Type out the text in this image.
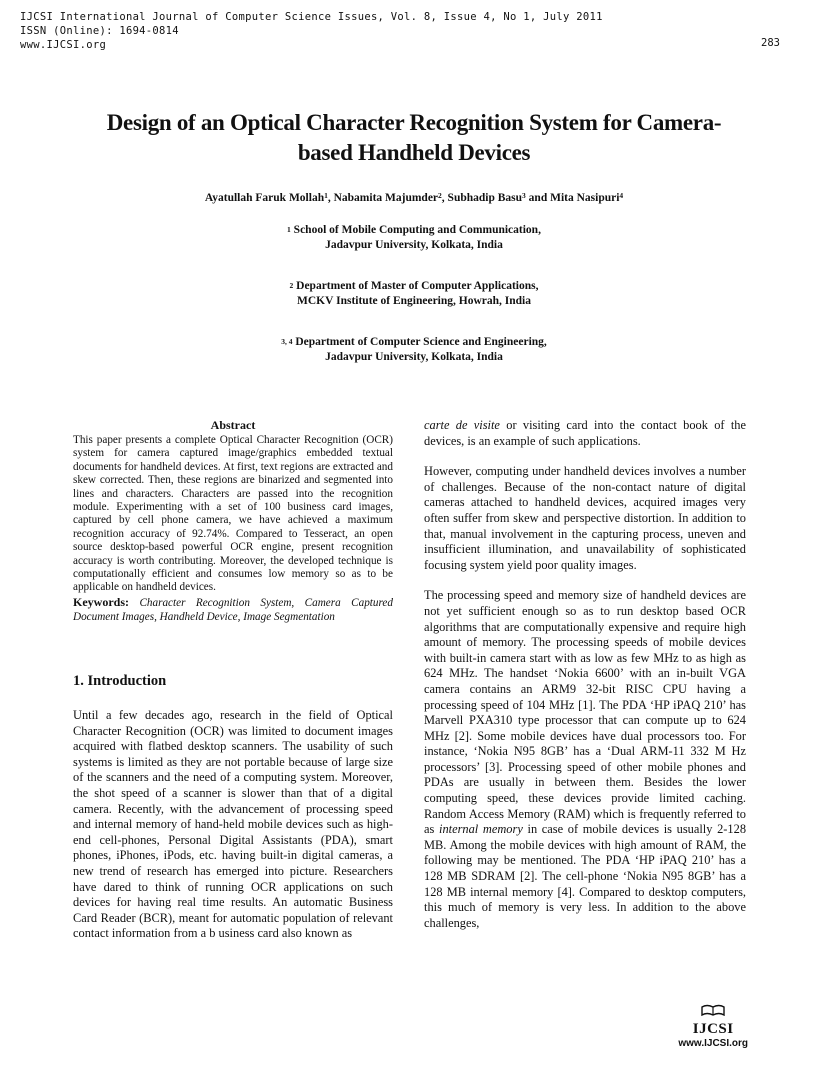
IJCSI International Journal of Computer Science Issues, Vol. 8, Issue 4, No 1, July 2011
ISSN (Online): 1694-0814
www.IJCSI.org	283
Design of an Optical Character Recognition System for Camera-
based Handheld Devices
Ayatullah Faruk Mollah$^1$, Nabamita Majumder$^2$, Subhadip Basu$^3$ and Mita Nasipuri$^4$
$^1$ School of Mobile Computing and Communication,
Jadavpur University, Kolkata, India
$^2$ Department of Master of Computer Applications,
MCKV Institute of Engineering, Howrah, India
$^{3, 4}$ Department of Computer Science and Engineering,
Jadavpur University, Kolkata, India

Abstract

This paper presents a complete Optical Character Recognition (OCR) system for camera captured image/graphics embedded textual documents for handheld devices. At first, text regions are extracted and skew corrected. Then, these regions are binarized and segmented into lines and characters. Characters are passed into the recognition module. Experimenting with a set of 100 business card images, captured by cell phone camera, we have achieved a maximum recognition accuracy of 92.74%. Compared to Tesseract, an open source desktop-based powerful OCR engine, present recognition accuracy is worth contributing. Moreover, the developed technique is computationally efficient and consumes low memory so as to be applicable on handheld devices.

Keywords: Character Recognition System, Camera Captured Document Images, Handheld Device, Image Segmentation

1. Introduction

Until a few decades ago, research in the field of Optical Character Recognition (OCR) was limited to document images acquired with flatbed desktop scanners. The usability of such systems is limited as they are not portable because of large size of the scanners and the need of a computing system. Moreover, the shot speed of a scanner is slower than that of a digital camera. Recently, with the advancement of processing speed and internal memory of hand-held mobile devices such as high-end cell-phones, Personal Digital Assistants (PDA), smart phones, iPhones, iPods, etc. having built-in digital cameras, a new trend of research has emerged into picture. Researchers have dared to think of running OCR applications on such devices for having real time results. An automatic Business Card Reader (BCR), meant for automatic population of relevant contact information from a b usiness card also known as

carte de visite or visiting card into the contact book of the devices, is an example of such applications.

However, computing under handheld devices involves a number of challenges. Because of the non-contact nature of digital cameras attached to handheld devices, acquired images very often suffer from skew and perspective distortion. In addition to that, manual involvement in the capturing process, uneven and insufficient illumination, and unavailability of sophisticated focusing system yield poor quality images.

The processing speed and memory size of handheld devices are not yet sufficient enough so as to run desktop based OCR algorithms that are computationally expensive and require high amount of memory. The processing speeds of mobile devices with built-in camera start with as low as few MHz to as high as 624 MHz. The handset ‘Nokia 6600’ with an in-built VGA camera contains an ARM9 32-bit RISC CPU having a processing speed of 104 MHz [1]. The PDA ‘HP iPAQ 210’ has Marvell PXA310 type processor that can compute up to 624 MHz [2]. Some mobile devices have dual processors too. For instance, ‘Nokia N95 8GB’ has a ‘Dual ARM-11 332 M Hz processors’ [3]. Processing speed of other mobile phones and PDAs are usually in between them. Besides the lower computing speed, these devices provide limited caching. Random Access Memory (RAM) which is frequently referred to as internal memory in case of mobile devices is usually 2-128 MB. Among the mobile devices with high amount of RAM, the following may be mentioned. The PDA ‘HP iPAQ 210’ has a 128 MB SDRAM [2]. The cell-phone ‘Nokia N95 8GB’ has a 128 MB internal memory [4]. Compared to desktop computers, this much of memory is very less. In addition to the above challenges,

IJCSI
www.IJCSI.org
